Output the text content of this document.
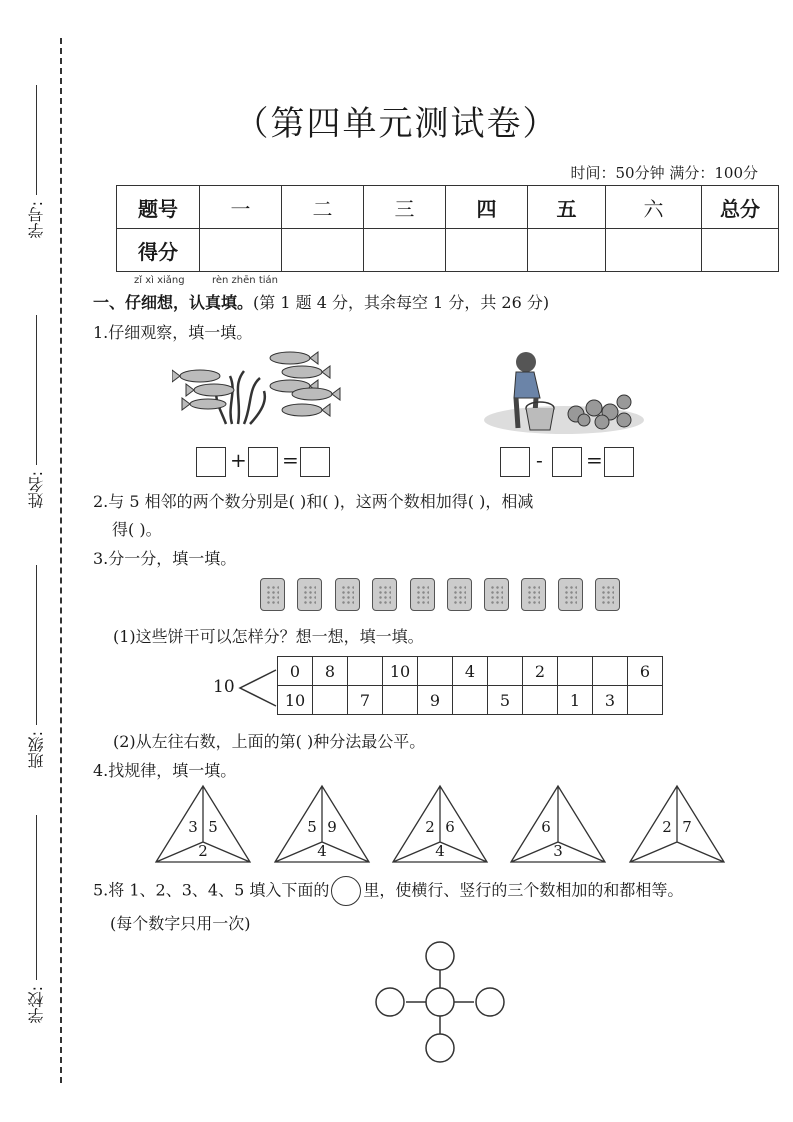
学号:
姓名:
班级:
学校:
（第四单元测试卷）
时间：50分钟 满分：100分
题号	一	二	三	四	五	六	总分
得分							
zǐ xì xiǎng	rèn zhēn tián
一、仔细想，认真填。(第 1 题 4 分，其余每空 1 分，共 26 分)
1.仔细观察，填一填。
+ =	- =
2.与 5 相邻的两个数分别是( )和( )，这两个数相加得( )，相减
得( )。
3.分一分，填一填。
(1)这些饼干可以怎样分？想一想，填一填。
10
0	8		10		4		2			6
10		7		9		5		1	3	
(2)从左往右数，上面的第( )种分法最公平。
4.找规律，填一填。
3 5
2
5 9
4
2 6
4
6
3
2 7
5.将 1、2、3、4、5 填入下面的 里，使横行、竖行的三个数相加的和都相等。
(每个数字只用一次)
